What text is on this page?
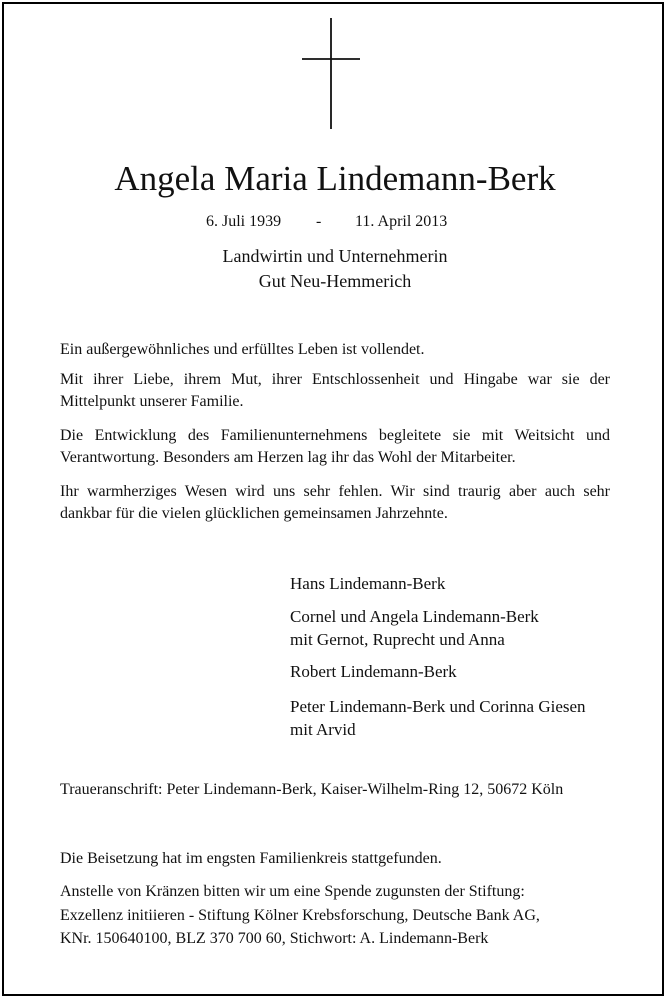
Angela Maria Lindemann-Berk
6. Juli 1939 - 11. April 2013
Landwirtin und Unternehmerin
Gut Neu-Hemmerich

Ein außergewöhnliches und erfülltes Leben ist vollendet.

Mit ihrer Liebe, ihrem Mut, ihrer Entschlossenheit und Hingabe war sie der Mittelpunkt unserer Familie.

Die Entwicklung des Familienunternehmens begleitete sie mit Weitsicht und Verantwortung. Besonders am Herzen lag ihr das Wohl der Mitarbeiter.

Ihr warmherziges Wesen wird uns sehr fehlen. Wir sind traurig aber auch sehr dankbar für die vielen glücklichen gemeinsamen Jahrzehnte.

Hans Lindemann-Berk
Cornel und Angela Lindemann-Berk
mit Gernot, Ruprecht und Anna
Robert Lindemann-Berk
Peter Lindemann-Berk und Corinna Giesen
mit Arvid

Traueranschrift: Peter Lindemann-Berk, Kaiser-Wilhelm-Ring 12, 50672 Köln

Die Beisetzung hat im engsten Familienkreis stattgefunden.

Anstelle von Kränzen bitten wir um eine Spende zugunsten der Stiftung:
Exzellenz initiieren - Stiftung Kölner Krebsforschung, Deutsche Bank AG,
KNr. 150640100, BLZ 370 700 60, Stichwort: A. Lindemann-Berk
